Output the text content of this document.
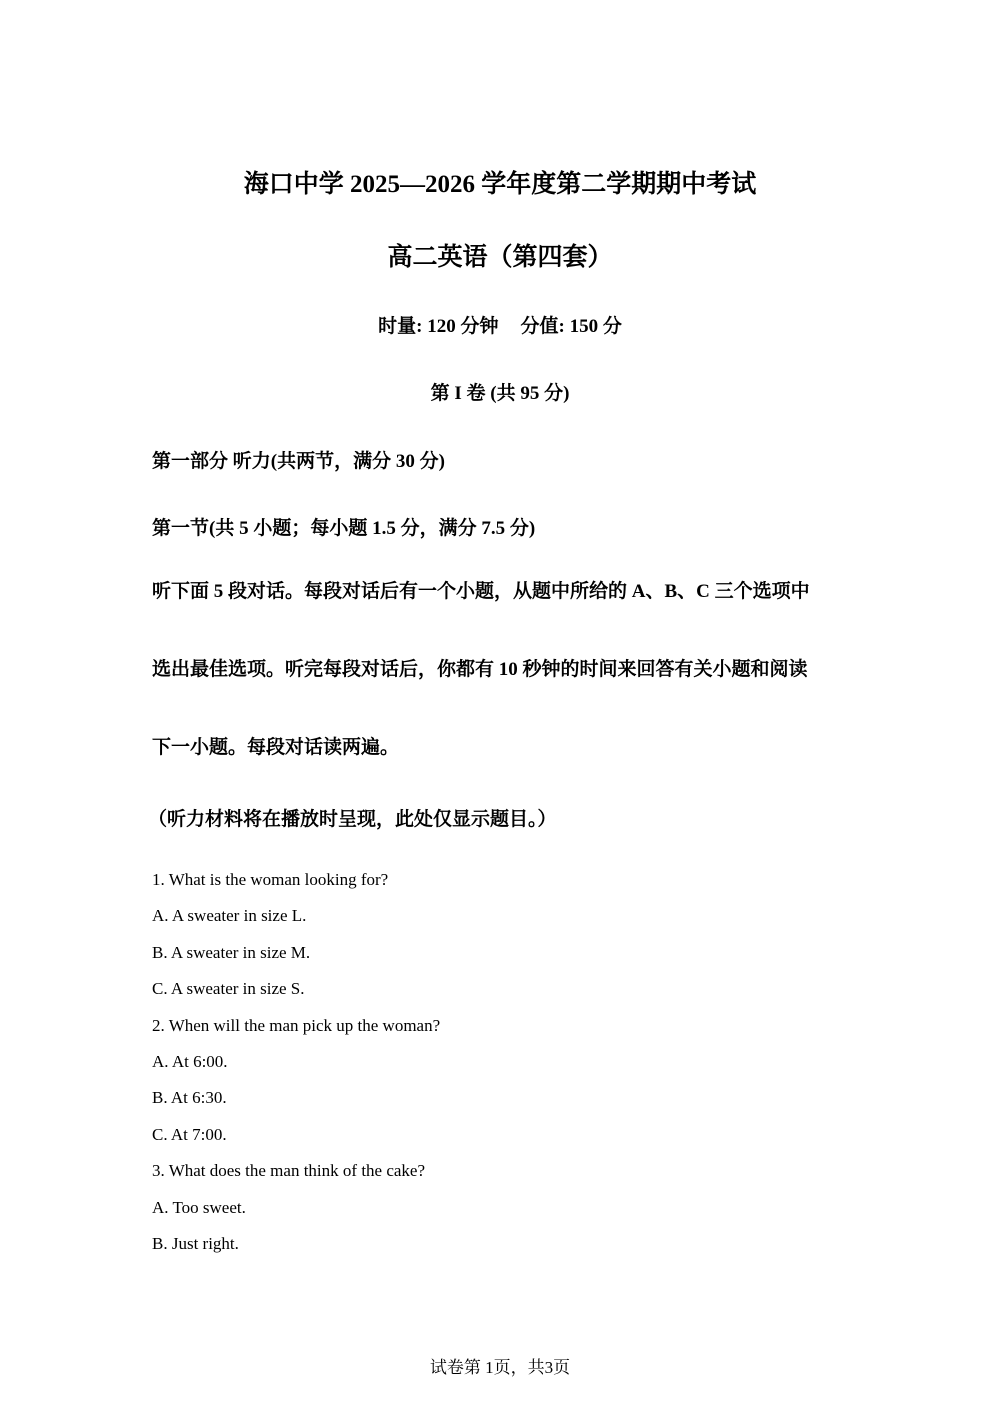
海口中学 2025—2026 学年度第二学期期中考试
高二英语（第四套）
时量: 120 分钟 分值: 150 分
第 I 卷 (共 95 分)
第一部分 听力(共两节，满分 30 分)
第一节(共 5 小题；每小题 1.5 分，满分 7.5 分)
听下面 5 段对话。每段对话后有一个小题，从题中所给的 A、B、C 三个选项中
选出最佳选项。听完每段对话后，你都有 10 秒钟的时间来回答有关小题和阅读
下一小题。每段对话读两遍。
（听力材料将在播放时呈现，此处仅显示题目。）
1. What is the woman looking for?
A. A sweater in size L.
B. A sweater in size M.
C. A sweater in size S.
2. When will the man pick up the woman?
A. At 6:00.
B. At 6:30.
C. At 7:00.
3. What does the man think of the cake?
A. Too sweet.
B. Just right.
试卷第 1页，共3页
